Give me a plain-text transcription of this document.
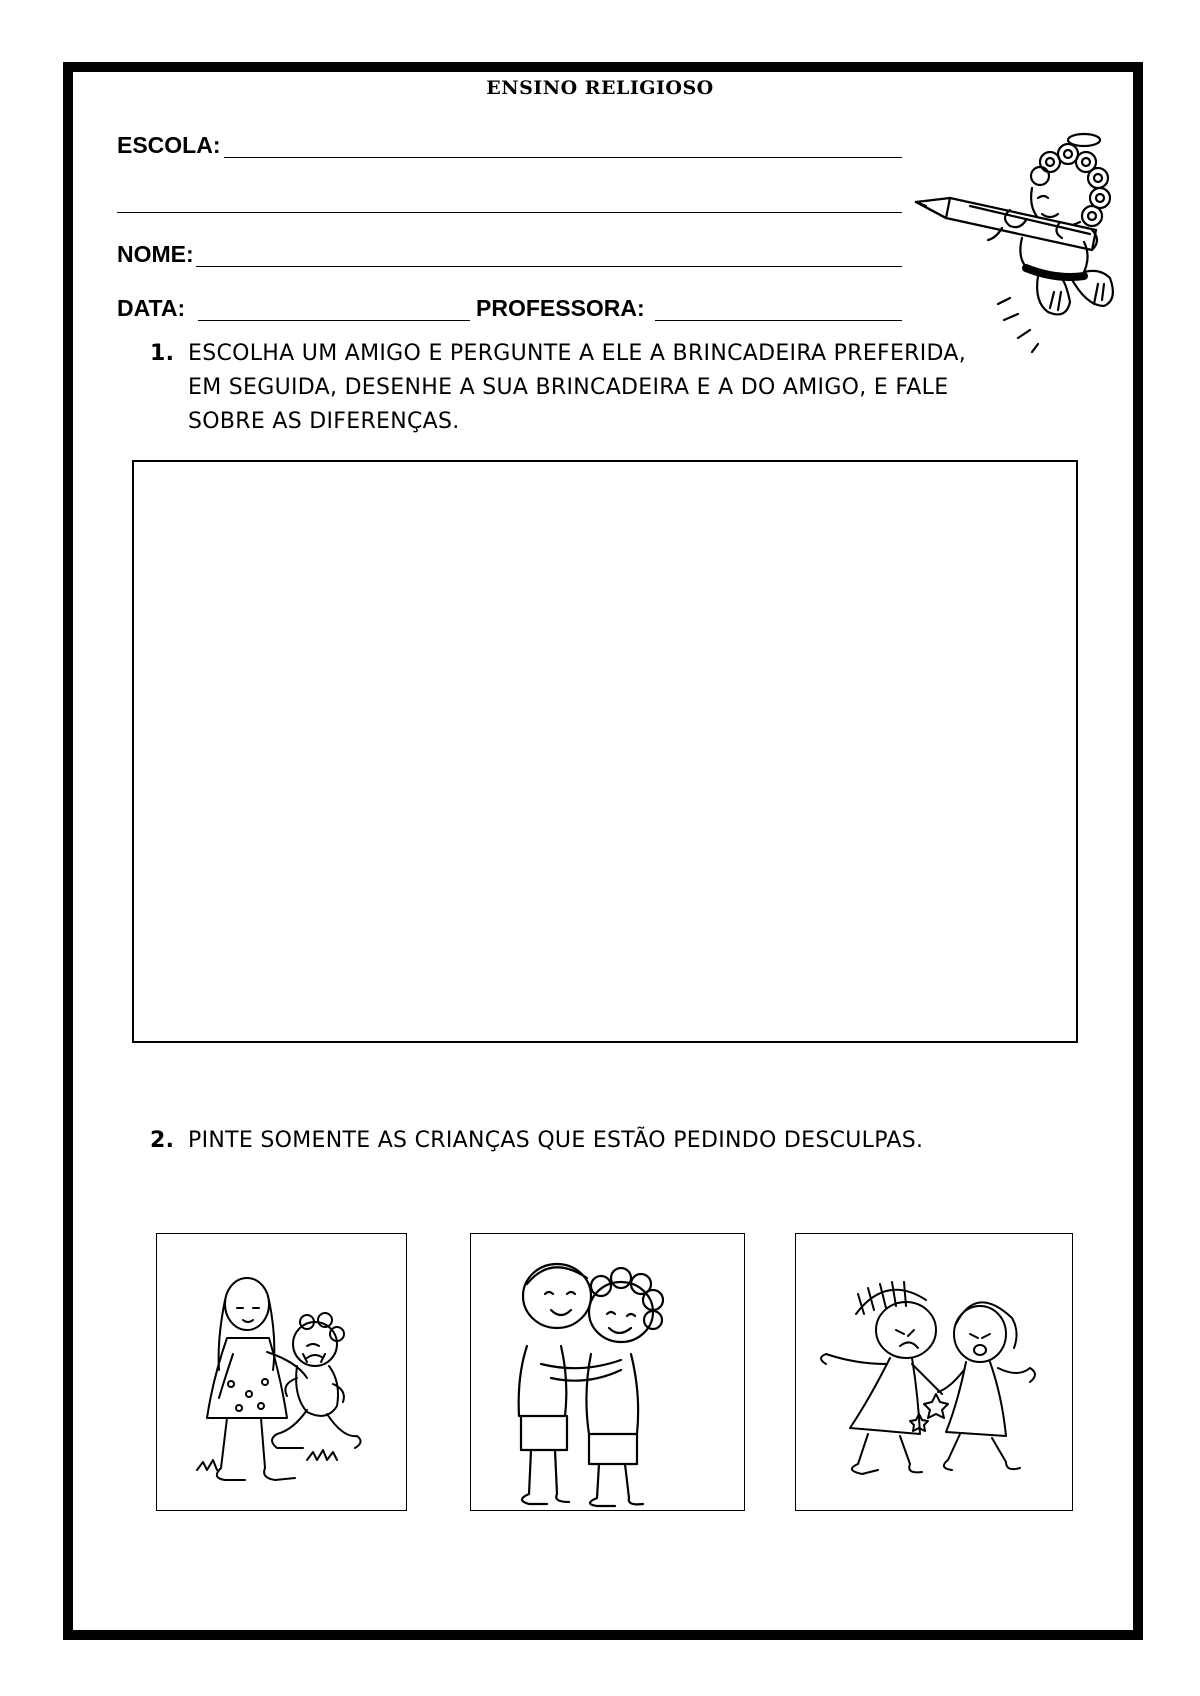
ENSINO RELIGIOSO
ESCOLA:
NOME:
DATA:	PROFESSORA:
1. ESCOLHA UM AMIGO E PERGUNTE A ELE A BRINCADEIRA PREFERIDA,
EM SEGUIDA, DESENHE A SUA BRINCADEIRA E A DO AMIGO, E FALE
SOBRE AS DIFERENÇAS.
2. PINTE SOMENTE AS CRIANÇAS QUE ESTÃO PEDINDO DESCULPAS.
